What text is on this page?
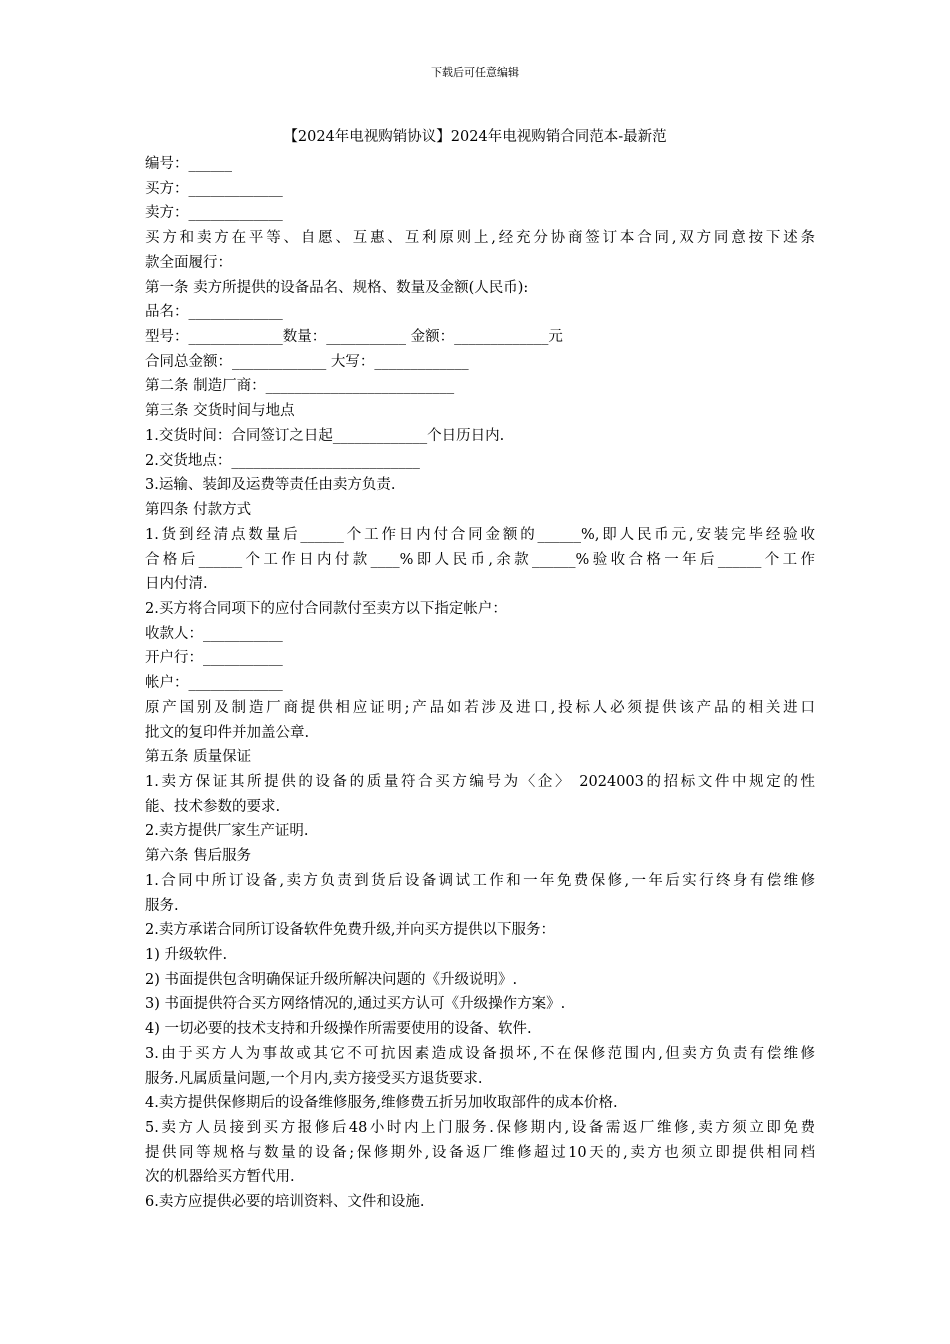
下载后可任意编辑
【2024年电视购销协议】2024年电视购销合同范本-最新范
编号：______
买方：_____________
卖方：_____________
买方和卖方在平等、自愿、互惠、互利原则上,经充分协商签订本合同,双方同意按下述条
款全面履行：
第一条 卖方所提供的设备品名、规格、数量及金额(人民币):
品名：_____________
型号：_____________数量：___________ 金额：_____________元
合同总金额：_____________ 大写：_____________
第二条 制造厂商：__________________________
第三条 交货时间与地点
1.交货时间：合同签订之日起_____________个日历日内.
2.交货地点：__________________________
3.运输、装卸及运费等责任由卖方负责.
第四条 付款方式
1.货到经清点数量后______个工作日内付合同金额的______%,即人民币元,安装完毕经验收
合格后______个工作日内付款____%即人民币,余款______%验收合格一年后______个工作
日内付清.
2.买方将合同项下的应付合同款付至卖方以下指定帐户：
收款人：___________
开户行：___________
帐户：_____________
原产国别及制造厂商提供相应证明;产品如若涉及进口,投标人必须提供该产品的相关进口
批文的复印件并加盖公章.
第五条 质量保证
1.卖方保证其所提供的设备的质量符合买方编号为〈企〉 2024003的招标文件中规定的性
能、技术参数的要求.
2.卖方提供厂家生产证明.
第六条 售后服务
1.合同中所订设备,卖方负责到货后设备调试工作和一年免费保修,一年后实行终身有偿维修
服务.
2.卖方承诺合同所订设备软件免费升级,并向买方提供以下服务：
1) 升级软件.
2) 书面提供包含明确保证升级所解决问题的《升级说明》.
3) 书面提供符合买方网络情况的,通过买方认可《升级操作方案》.
4) 一切必要的技术支持和升级操作所需要使用的设备、软件.
3.由于买方人为事故或其它不可抗因素造成设备损坏,不在保修范围内,但卖方负责有偿维修
服务.凡属质量问题,一个月内,卖方接受买方退货要求.
4.卖方提供保修期后的设备维修服务,维修费五折另加收取部件的成本价格.
5.卖方人员接到买方报修后48小时内上门服务.保修期内,设备需返厂维修,卖方须立即免费
提供同等规格与数量的设备;保修期外,设备返厂维修超过10天的,卖方也须立即提供相同档
次的机器给买方暂代用.
6.卖方应提供必要的培训资料、文件和设施.
